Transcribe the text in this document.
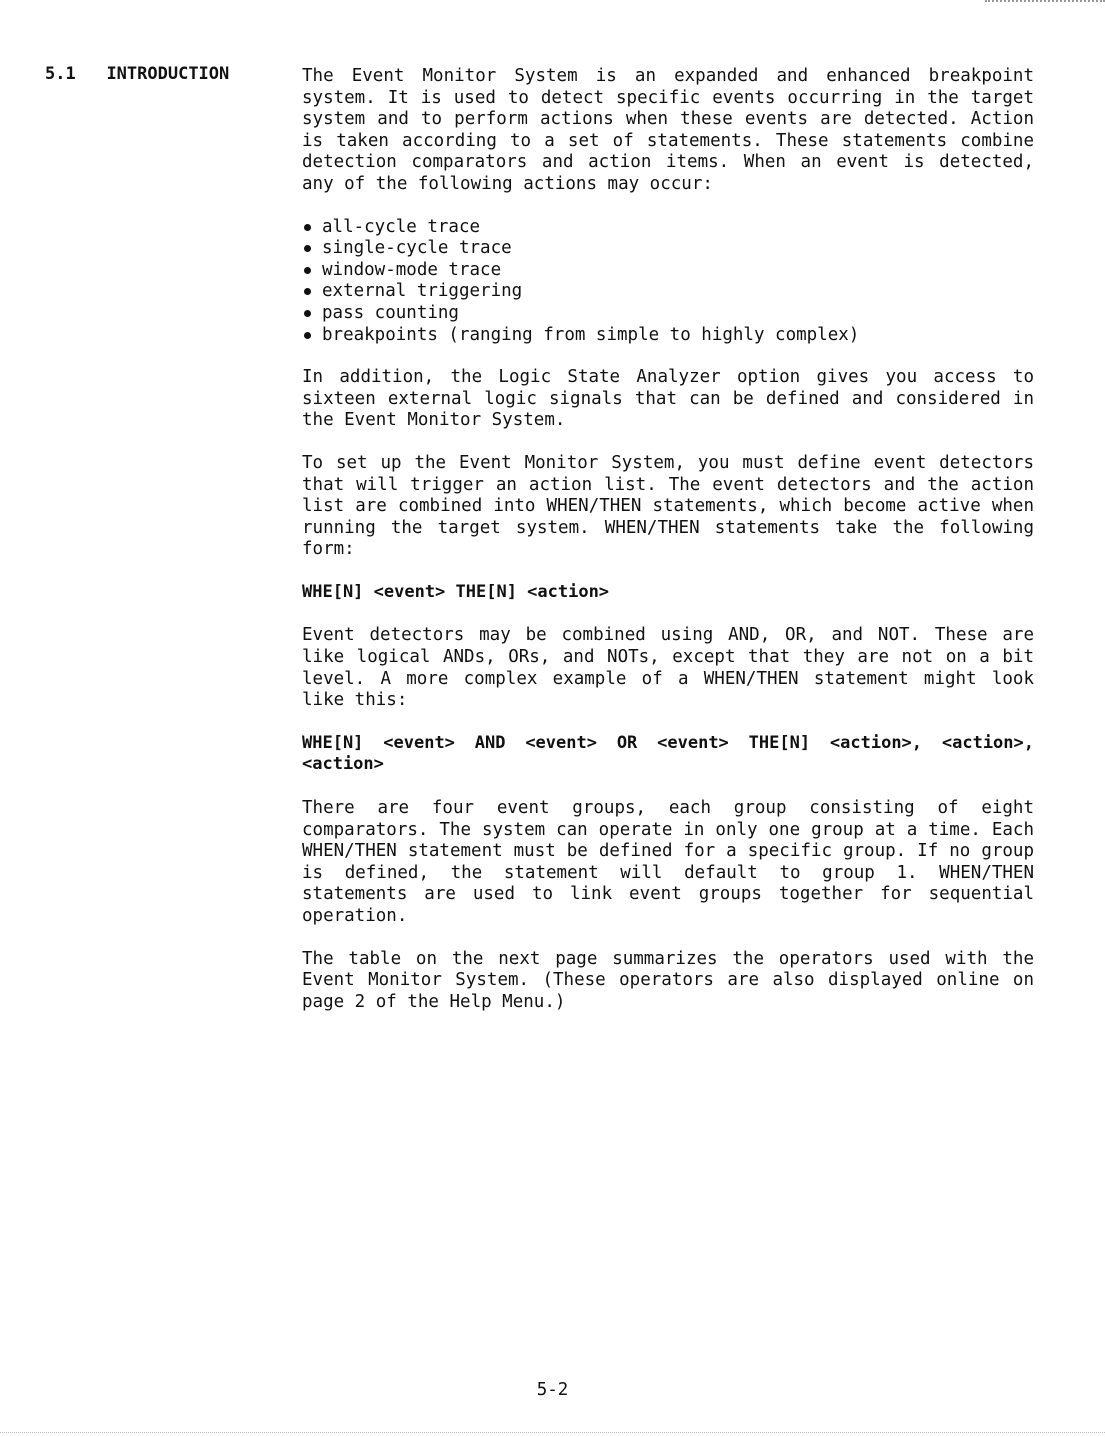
5.1 INTRODUCTION	The Event Monitor System is an expanded and enhanced breakpoint system. It is used to detect specific events occurring in the target system and to perform actions when these events are detected. Action is taken according to a set of statements. These statements combine detection comparators and action items. When an event is detected, any of the following actions may occur:

all-cycle trace
single-cycle trace
window-mode trace
external triggering
pass counting
breakpoints (ranging from simple to highly complex)

In addition, the Logic State Analyzer option gives you access to sixteen external logic signals that can be defined and considered in the Event Monitor System.

To set up the Event Monitor System, you must define event detectors that will trigger an action list. The event detectors and the action list are combined into WHEN/THEN statements, which become active when running the target system. WHEN/THEN statements take the following form:

WHE[N] <event> THE[N] <action>

Event detectors may be combined using AND, OR, and NOT. These are like logical ANDs, ORs, and NOTs, except that they are not on a bit level. A more complex example of a WHEN/THEN statement might look like this:

WHE[N] <event> AND <event> OR <event> THE[N] <action>, <action>, <action>

There are four event groups, each group consisting of eight comparators. The system can operate in only one group at a time. Each WHEN/THEN statement must be defined for a specific group. If no group is defined, the statement will default to group 1. WHEN/THEN statements are used to link event groups together for sequential operation.

The table on the next page summarizes the operators used with the Event Monitor System. (These operators are also displayed online on page 2 of the Help Menu.)

5-2
